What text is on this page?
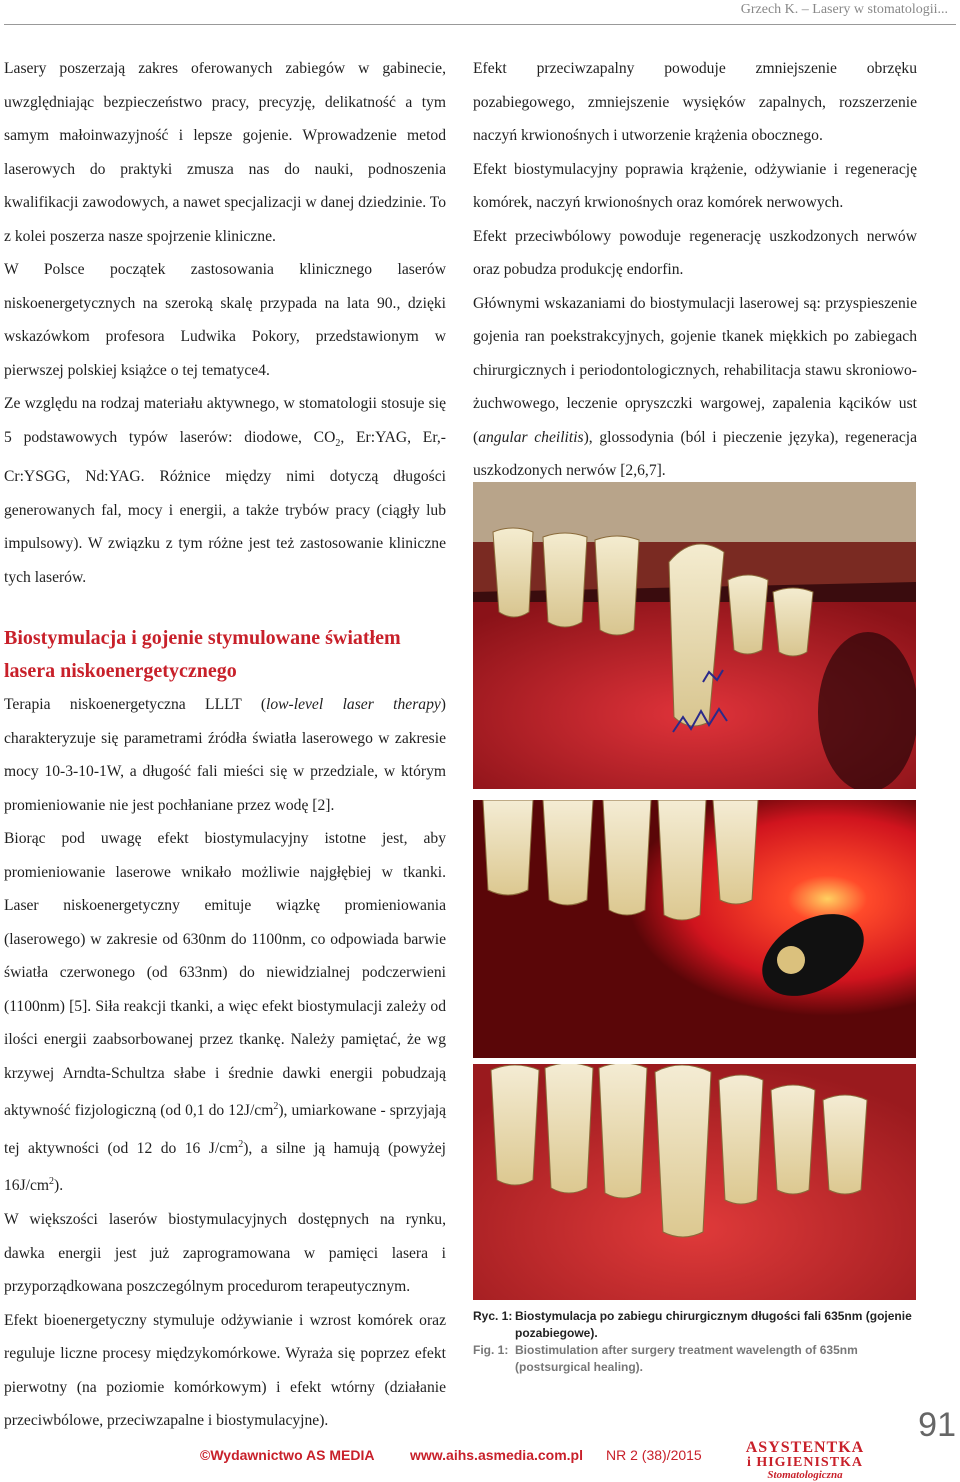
Grzech K. – Lasery w stomatologii...

Lasery poszerzają zakres oferowanych zabiegów w gabinecie, uwzględniając bezpieczeństwo pracy, precyzję, delikatność a tym samym małoinwazyjność i lepsze gojenie. Wprowadzenie metod laserowych do praktyki zmusza nas do nauki, podnoszenia kwalifikacji zawodowych, a nawet specjalizacji w danej dziedzinie. To z kolei poszerza nasze spojrzenie kliniczne.

W Polsce początek zastosowania klinicznego laserów niskoenergetycznych na szeroką skalę przypada na lata 90., dzięki wskazówkom profesora Ludwika Pokory, przedstawionym w pierwszej polskiej książce o tej tematyce4.

Ze względu na rodzaj materiału aktywnego, w stomatologii stosuje się 5 podstawowych typów laserów: diodowe, $CO_2$, Er:YAG, Er,-Cr:YSGG, Nd:YAG. Różnice między nimi dotyczą długości generowanych fal, mocy i energii, a także trybów pracy (ciągły lub impulsowy). W związku z tym różne jest też zastosowanie kliniczne tych laserów.

Biostymulacja i gojenie stymulowane światłem lasera niskoenergetycznego

Terapia niskoenergetyczna LLLT (low-level laser therapy) charakteryzuje się parametrami źródła światła laserowego w zakresie mocy 10-3-10-1W, a długość fali mieści się w przedziale, w którym promieniowanie nie jest pochłaniane przez wodę [2].

Biorąc pod uwagę efekt biostymulacyjny istotne jest, aby promieniowanie laserowe wnikało możliwie najgłębiej w tkanki. Laser niskoenergetyczny emituje wiązkę promieniowania (laserowego) w zakresie od 630nm do 1100nm, co odpowiada barwie światła czerwonego (od 633nm) do niewidzialnej podczerwieni (1100nm) [5]. Siła reakcji tkanki, a więc efekt biostymulacji zależy od ilości energii zaabsorbowanej przez tkankę. Należy pamiętać, że wg krzywej Arndta-Schultza słabe i średnie dawki energii pobudzają aktywność fizjologiczną (od 0,1 do $12J/cm^2$), umiarkowane - sprzyjają tej aktywności (od 12 do 16 $J/cm^2$), a silne ją hamują (powyżej $16J/cm^2$).

W większości laserów biostymulacyjnych dostępnych na rynku, dawka energii jest już zaprogramowana w pamięci lasera i przyporządkowana poszczególnym procedurom terapeutycznym.

Efekt bioenergetyczny stymuluje odżywianie i wzrost komórek oraz reguluje liczne procesy międzykomórkowe. Wyraża się poprzez efekt pierwotny (na poziomie komórkowym) i efekt wtórny (działanie przeciwbólowe, przeciwzapalne i biostymulacyjne).

Efekt przeciwzapalny powoduje zmniejszenie obrzęku pozabiegowego, zmniejszenie wysięków zapalnych, rozszerzenie naczyń krwionośnych i utworzenie krążenia obocznego.

Efekt biostymulacyjny poprawia krążenie, odżywianie i regenerację komórek, naczyń krwionośnych oraz komórek nerwowych.

Efekt przeciwbólowy powoduje regenerację uszkodzonych nerwów oraz pobudza produkcję endorfin.

Głównymi wskazaniami do biostymulacji laserowej są: przyspieszenie gojenia ran poekstrakcyjnych, gojenie tkanek miękkich po zabiegach chirurgicznych i periodontologicznych, rehabilitacja stawu skroniowo-żuchwowego, leczenie opryszczki wargowej, zapalenia kącików ust (angular cheilitis), glossodynia (ból i pieczenie języka), regeneracja uszkodzonych nerwów [2,6,7].

Ryc. 1: Biostymulacja po zabiegu chirurgicznym długości fali 635nm (gojenie pozabiegowe).
Fig. 1: Biostimulation after surgery treatment wavelength of 635nm (postsurgical healing).
©Wydawnictwo AS MEDIA	www.aihs.asmedia.com.pl NR 2 (38)/2015	ASYSTENTKA
i HIGIENISTKA
Stomatologiczna
91
